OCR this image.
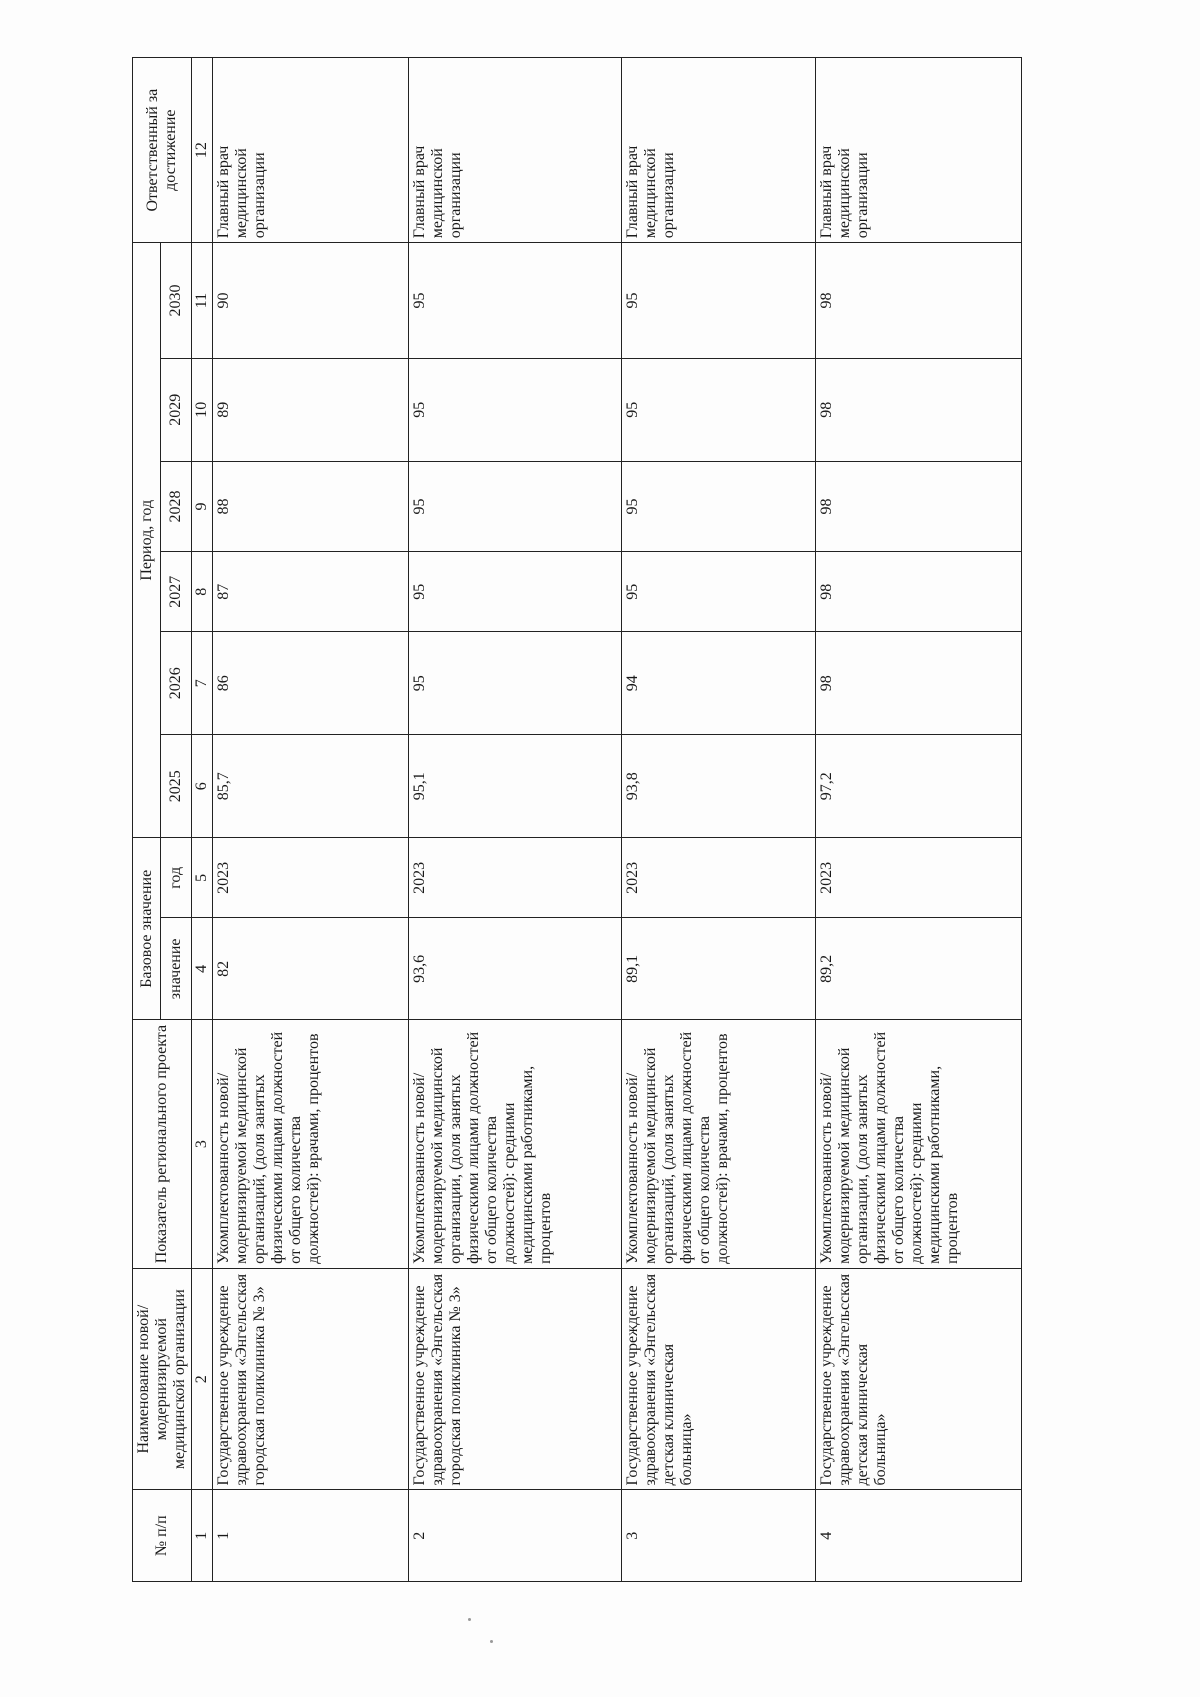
№ п/п	Наименование новой/модернизируемой медицинской организации	Показатель регионального проекта	Базовое значение		Период, год						Ответственный за достижение
			значение	год	2025	2026	2027	2028	2029	2030	
1	2	3	4	5	6	7	8	9	10	11	12
1	Государственное учреждение здравоохранения «Энгельсская городская поликлиника № 3»	Укомплектованность новой/модернизируемой медицинской организаций, (доля занятых физическими лицами должностей от общего количества должностей): врачами, процентов	82	2023	85,7	86	87	88	89	90	Главный врач медицинской организации
2	Государственное учреждение здравоохранения «Энгельсская городская поликлиника № 3»	Укомплектованность новой/модернизируемой медицинской организации, (доля занятых физическими лицами должностей от общего количества должностей): средними медицинскими работниками, процентов	93,6	2023	95,1	95	95	95	95	95	Главный врач медицинской организации
3	Государственное учреждение здравоохранения «Энгельсская детская клиническая больница»	Укомплектованность новой/модернизируемой медицинской организаций, (доля занятых физическими лицами должностей от общего количества должностей): врачами, процентов	89,1	2023	93,8	94	95	95	95	95	Главный врач медицинской организации
4	Государственное учреждение здравоохранения «Энгельсская детская клиническая больница»	Укомплектованность новой/модернизируемой медицинской организации, (доля занятых физическими лицами должностей от общего количества должностей): средними медицинскими работниками, процентов	89,2	2023	97,2	98	98	98	98	98	Главный врач медицинской организации
